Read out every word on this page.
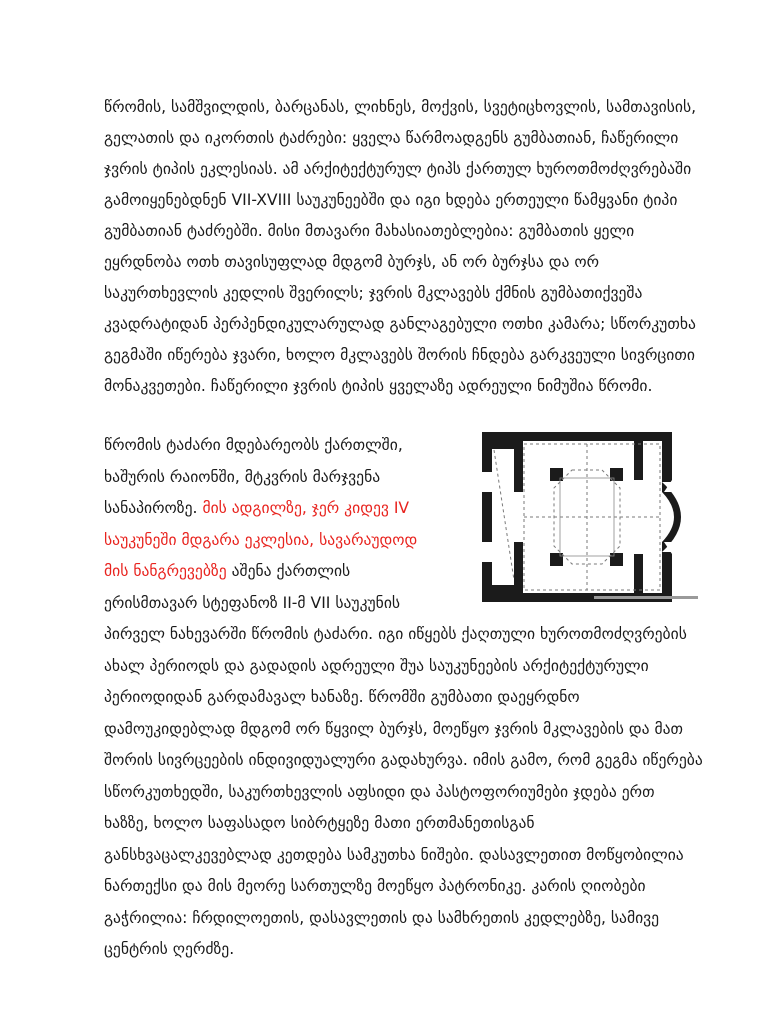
წრომის, სამშვილდის, ბარცანას, ლიხნეს, მოქვის, სვეტიცხოვლის, სამთავისის, გელათის და იკორთის ტაძრები: ყველა წარმოადგენს გუმბათიან, ჩაწერილი ჯვრის ტიპის ეკლესიას. ამ არქიტექტურულ ტიპს ქართულ ხუროთმოძღვრებაში გამოიყენებდნენ VII-XVIII საუკუნეებში და იგი ხდება ერთეული წამყვანი ტიპი გუმბათიან ტაძრებში. მისი მთავარი მახასიათებლებია: გუმბათის ყელი ეყრდნობა ოთხ თავისუფლად მდგომ ბურჯს, ან ორ ბურჯსა და ორ საკურთხევლის კედლის შვერილს; ჯვრის მკლავებს ქმნის გუმბათიქვეშა კვადრატიდან პერპენდიკულარულად განლაგებული ოთხი კამარა; სწორკუთხა გეგმაში იწერება ჯვარი, ხოლო მკლავებს შორის ჩნდება გარკვეული სივრცითი მონაკვეთები. ჩაწერილი ჯვრის ტიპის ყველაზე ადრეული ნიმუშია წრომი.

წრომის ტაძარი მდებარეობს ქართლში, ხაშურის რაიონში, მტკვრის მარჯვენა სანაპიროზე. მის ადგილზე, ჯერ კიდევ IV საუკუნეში მდგარა ეკლესია, სავარაუდოდ მის ნანგრევებზე აშენა ქართლის ერისმთავარ სტეფანოზ II-მ VII საუკუნის პირველ ნახევარში წრომის ტაძარი. იგი იწყებს ქაღთული ხუროთმოძღვრების ახალ პერიოდს და გადადის ადრეული შუა საუკუნეების არქიტექტურული პერიოდიდან გარდამავალ ხანაზე. წრომში გუმბათი დაეყრდნო დამოუკიდებლად მდგომ ორ წყვილ ბურჯს, მოეწყო ჯვრის მკლავების და მათ შორის სივრცეების ინდივიდუალური გადახურვა. იმის გამო, რომ გეგმა იწერება სწორკუთხედში, საკურთხევლის აფსიდი და პასტოფორიუმები ჯდება ერთ ხაზზე, ხოლო საფასადო სიბრტყეზე მათი ერთმანეთისგან განსხვაცალკევებლად კეთდება სამკუთხა ნიშები. დასავლეთით მოწყობილია ნართექსი და მის მეორე სართულზე მოეწყო პატრონიკე. კარის ღიობები გაჭრილია: ჩრდილოეთის, დასავლეთის და სამხრეთის კედლებზე, სამივე ცენტრის ღერძზე.
